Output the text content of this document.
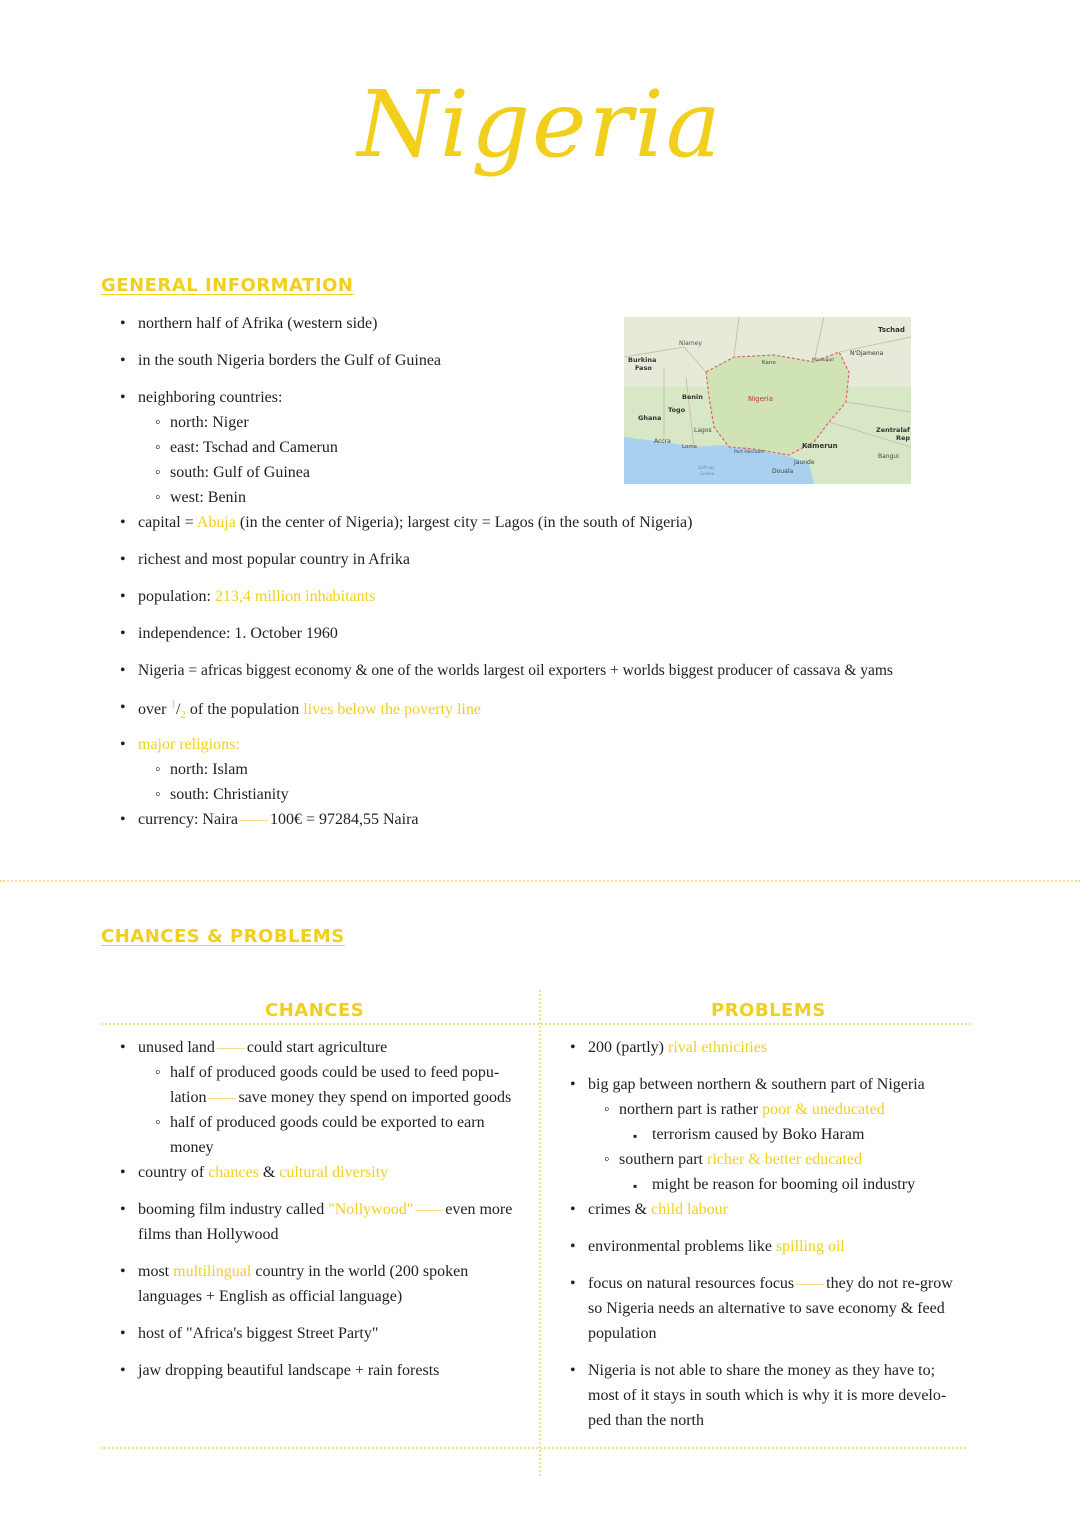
Nigeria
GENERAL INFORMATION
• northern half of Afrika (western side)
• in the south Nigeria borders the Gulf of Guinea
• neighboring countries:
◦ north: Niger
◦ east: Tschad and Camerun
◦ south: Gulf of Guinea
◦ west: Benin
• capital = Abuja (in the center of Nigeria); largest city = Lagos (in the south of Nigeria)
• richest and most popular country in Afrika
• population: 213,4 million inhabitants
• independence: 1. October 1960
• Nigeria = africas biggest economy & one of the worlds largest oil exporters + worlds biggest producer of cassava & yams
• over $^1/_2$ of the population lives below the poverty line
• major religions:
◦ north: Islam
◦ south: Christianity
• currency: Naira 100€ = 97284,55 Naira
Niamey
Tschad
N'Djamena
Burkina
Faso
Kano	Maiduguri
Benin
Togo
Ghana
Nigeria
Lagos
Accra
Lome
Port Harcourt
Kamerun
Zentralaf
Rep
Bangui
Jaunde
Douala
Golf von
Guinea
CHANCES & PROBLEMS
CHANCES	PROBLEMS
• unused land could start agriculture
◦ half of produced goods could be used to feed popu-
lation save money they spend on imported goods
◦ half of produced goods could be exported to earn
money
• country of chances & cultural diversity
• booming film industry called "Nollywood" even more
films than Hollywood
• most multilingual country in the world (200 spoken
languages + English as official language)
• host of "Africa's biggest Street Party"
• jaw dropping beautiful landscape + rain forests
• 200 (partly) rival ethnicities
• big gap between northern & southern part of Nigeria
◦ northern part is rather poor & uneducated
▪ terrorism caused by Boko Haram
◦ southern part richer & better educated
▪ might be reason for booming oil industry
• crimes & child labour
• environmental problems like spilling oil
• focus on natural resources focus they do not re-grow
so Nigeria needs an alternative to save economy & feed
population
• Nigeria is not able to share the money as they have to;
most of it stays in south which is why it is more develo-
ped than the north
